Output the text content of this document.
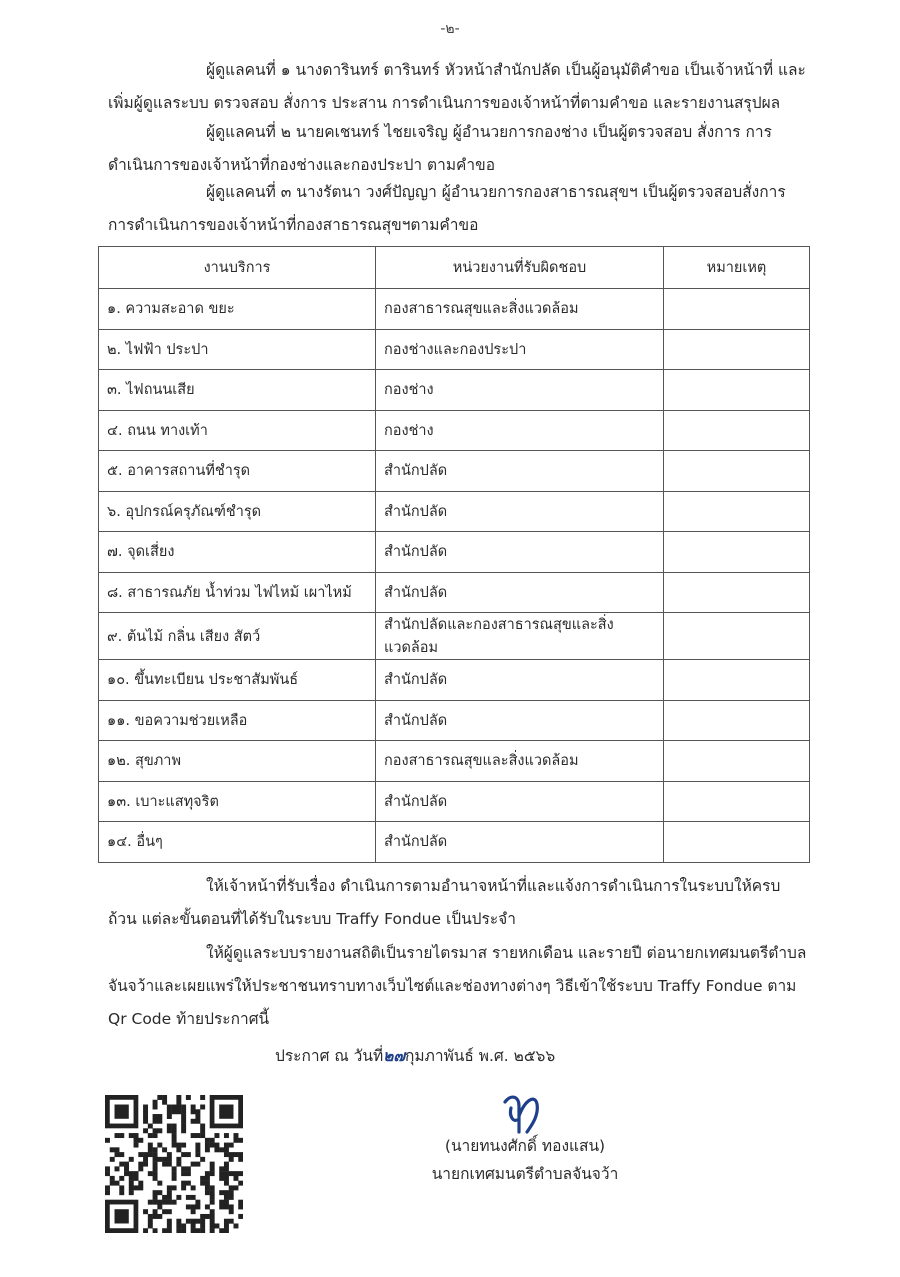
-๒-
ผู้ดูแลคนที่ ๑ นางดารินทร์ ตารินทร์ หัวหน้าสำนักปลัด เป็นผู้อนุมัติคำขอ เป็นเจ้าหน้าที่ และเพิ่มผู้ดูแลระบบ ตรวจสอบ สั่งการ ประสาน การดำเนินการของเจ้าหน้าที่ตามคำขอ และรายงานสรุปผล
ผู้ดูแลคนที่ ๒ นายคเชนทร์ ไชยเจริญ ผู้อำนวยการกองช่าง เป็นผู้ตรวจสอบ สั่งการ การดำเนินการของเจ้าหน้าที่กองช่างและกองประปา ตามคำขอ
ผู้ดูแลคนที่ ๓ นางรัตนา วงศ์ปัญญา ผู้อำนวยการกองสาธารณสุขฯ เป็นผู้ตรวจสอบสั่งการ การดำเนินการของเจ้าหน้าที่กองสาธารณสุขฯตามคำขอ
งานบริการ	หน่วยงานที่รับผิดชอบ	หมายเหตุ
๑. ความสะอาด ขยะ	กองสาธารณสุขและสิ่งแวดล้อม	
๒. ไฟฟ้า ประปา	กองช่างและกองประปา	
๓. ไฟถนนเสีย	กองช่าง	
๔. ถนน ทางเท้า	กองช่าง	
๕. อาคารสถานที่ชำรุด	สำนักปลัด	
๖. อุปกรณ์ครุภัณฑ์ชำรุด	สำนักปลัด	
๗. จุดเสี่ยง	สำนักปลัด	
๘. สาธารณภัย น้ำท่วม ไฟไหม้ เผาไหม้	สำนักปลัด	
๙. ต้นไม้ กลิ่น เสียง สัตว์	สำนักปลัดและกองสาธารณสุขและสิ่งแวดล้อม	
๑๐. ขึ้นทะเบียน ประชาสัมพันธ์	สำนักปลัด	
๑๑. ขอความช่วยเหลือ	สำนักปลัด	
๑๒. สุขภาพ	กองสาธารณสุขและสิ่งแวดล้อม	
๑๓. เบาะแสทุจริต	สำนักปลัด	
๑๔. อื่นๆ	สำนักปลัด	
ให้เจ้าหน้าที่รับเรื่อง ดำเนินการตามอำนาจหน้าที่และแจ้งการดำเนินการในระบบให้ครบถ้วน แต่ละขั้นตอนที่ได้รับในระบบ Traffy Fondue เป็นประจำ
ให้ผู้ดูแลระบบรายงานสถิติเป็นรายไตรมาส รายหกเดือน และรายปี ต่อนายกเทศมนตรีตำบลจันจว้าและเผยแพร่ให้ประชาชนทราบทางเว็บไซต์และช่องทางต่างๆ วิธีเข้าใช้ระบบ Traffy Fondue ตาม Qr Code ท้ายประกาศนี้
ประกาศ ณ วันที่๒๗กุมภาพันธ์ พ.ศ. ๒๕๖๖
(นายทนงศักดิ์ ทองแสน)
นายกเทศมนตรีตำบลจันจว้า
